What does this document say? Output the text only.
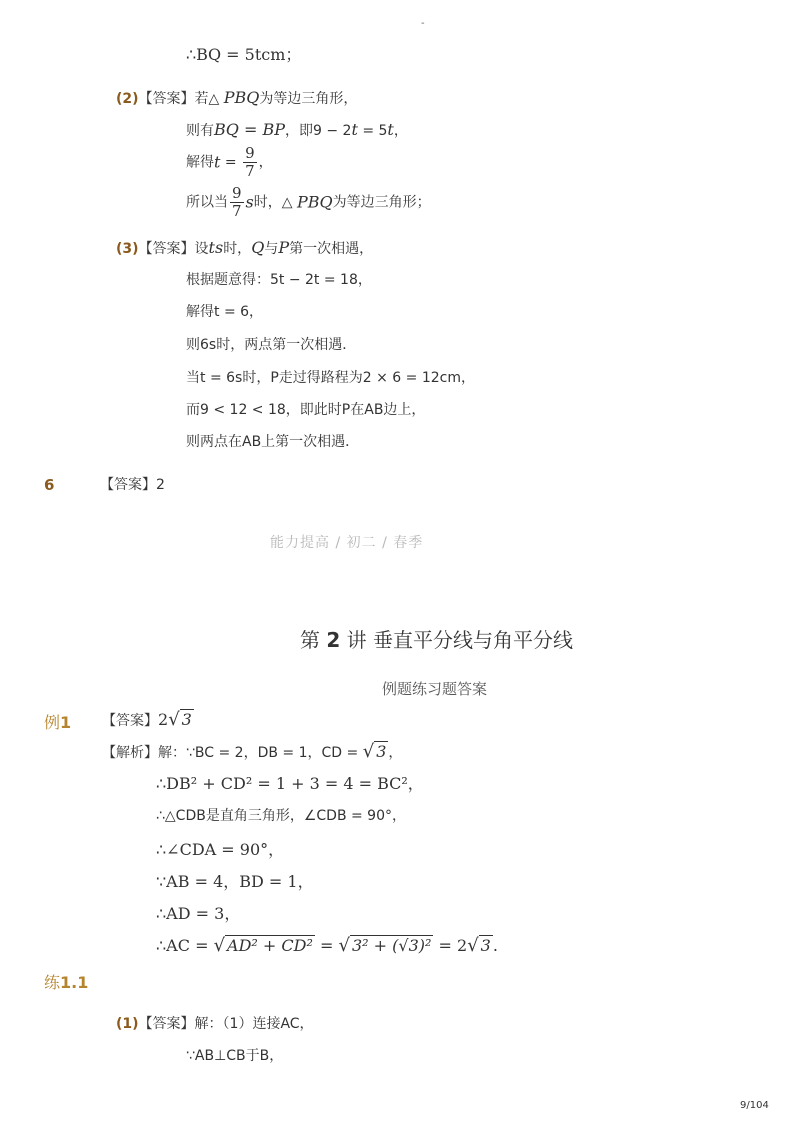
-
∴BQ = 5tcm；
(2)【答案】若△ PBQ为等边三角形，
则有BQ = BP，即9 − 2t = 5t，
解得$t = \frac{9}{7}$ ，
所以当 $\frac{9}{7}$ s时，△ PBQ为等边三角形；
(3)【答案】设ts时，Q与P第一次相遇，
根据题意得：5t − 2t = 18，
解得t = 6，
则6s时，两点第一次相遇．
当t = 6s时，P走过得路程为2 × 6 = 12cm，
而9 < 12 < 18，即此时P在AB边上，
则两点在AB上第一次相遇．
6	【答案】2
能力提高 / 初二 / 春季
第 2 讲 垂直平分线与角平分线
例题练习题答案
例1 【答案】2√ 3
【解析】解：∵BC = 2，DB = 1，CD = √ 3 ，
∴DB² + CD² = 1 + 3 = 4 = BC²，
∴△CDB是直角三角形，∠CDB = 90°，
∴∠CDA = 90°，
∵AB = 4，BD = 1，
∴AD = 3，
∴AC = √ AD² + CD² = √ 3² + (√3)² = 2√ 3 .
练1.1
(1)【答案】解：（1）连接AC，
∵AB⊥CB于B，
9/104
